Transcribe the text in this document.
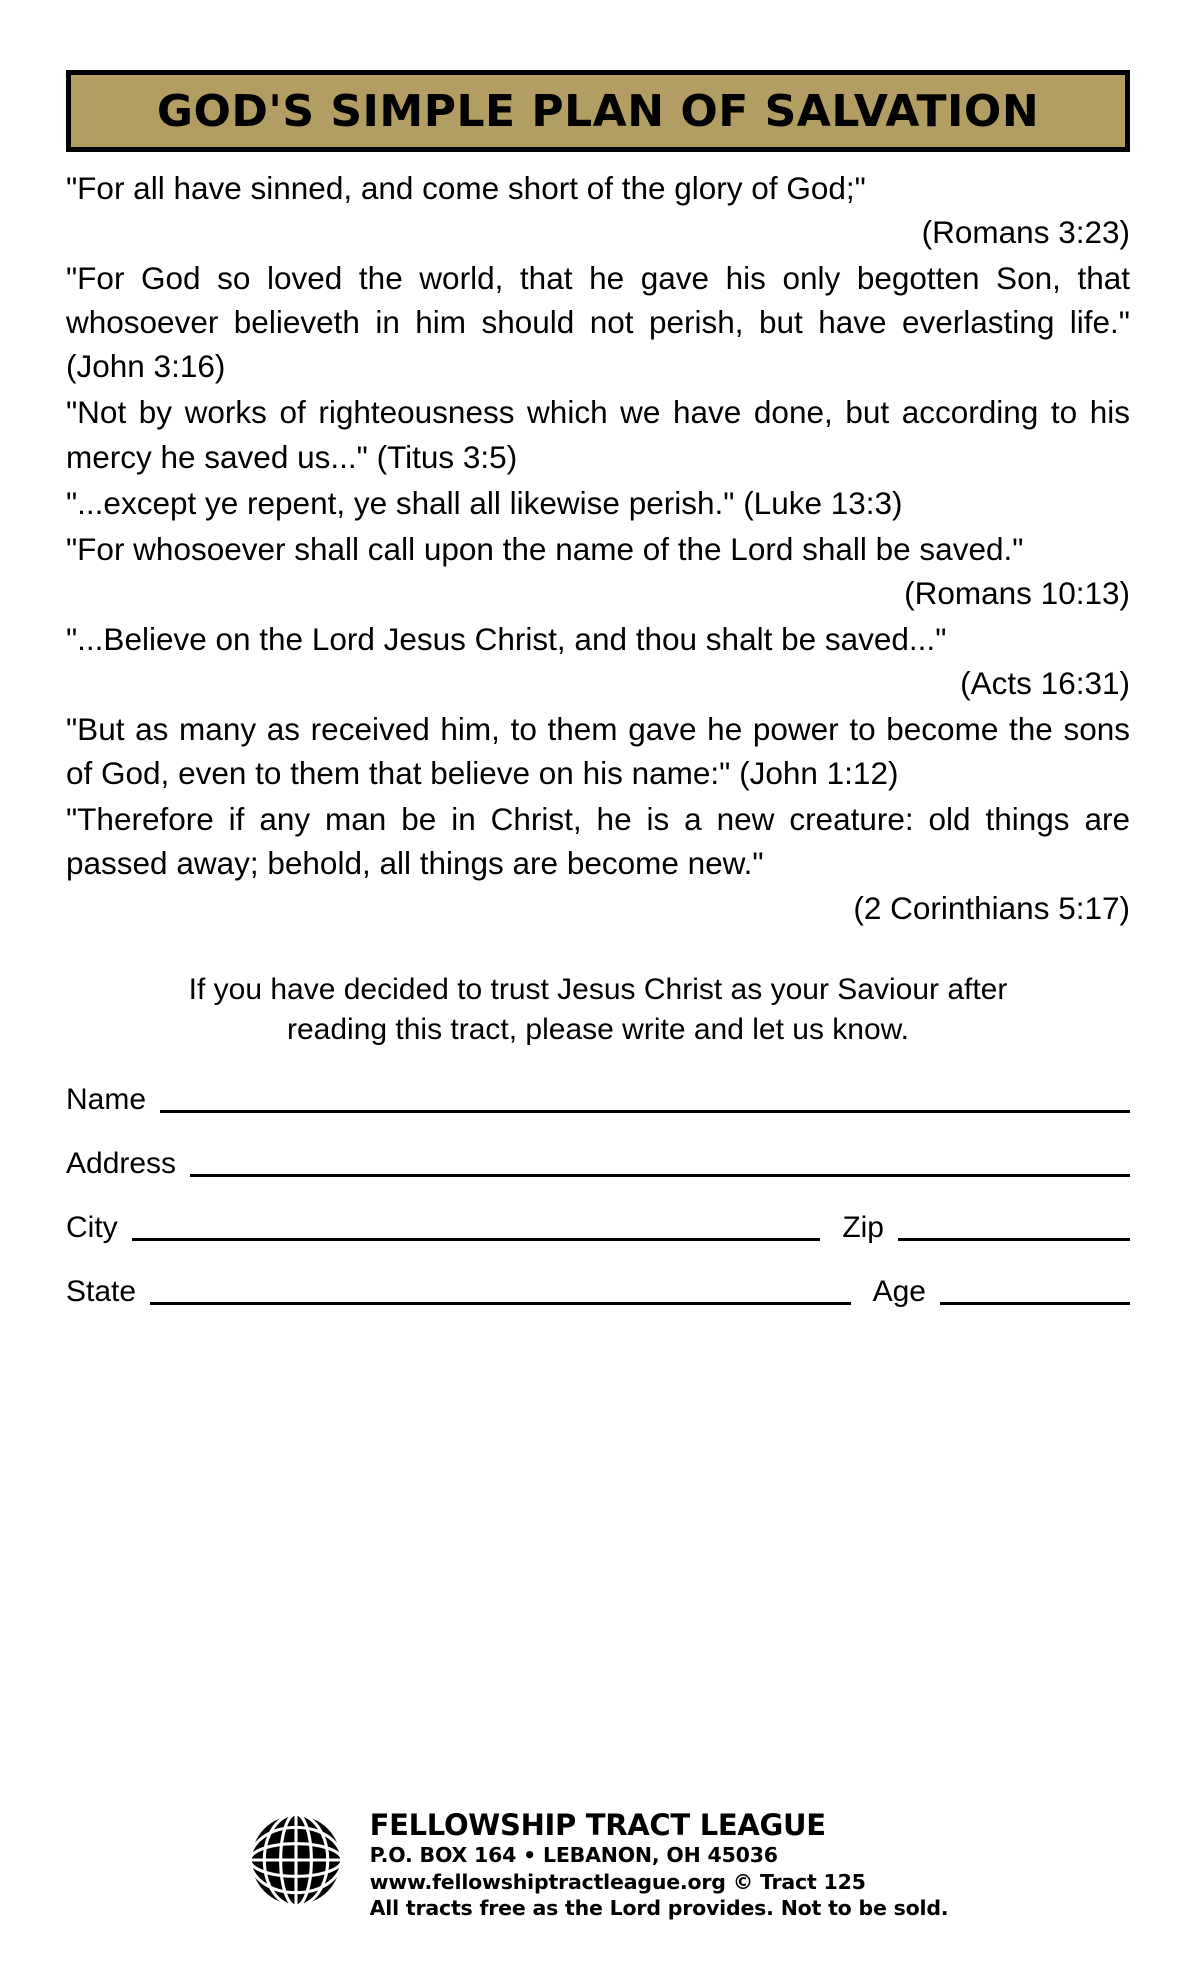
GOD'S SIMPLE PLAN OF SALVATION
"For all have sinned, and come short of the glory of God;"
(Romans 3:23)
"For God so loved the world, that he gave his only begotten Son, that whosoever believeth in him should not perish, but have everlasting life." (John 3:16)
"Not by works of righteousness which we have done, but according to his mercy he saved us..." (Titus 3:5)
"...except ye repent, ye shall all likewise perish." (Luke 13:3)
"For whosoever shall call upon the name of the Lord shall be saved."
(Romans 10:13)
"...Believe on the Lord Jesus Christ, and thou shalt be saved..."
(Acts 16:31)
"But as many as received him, to them gave he power to become the sons of God, even to them that believe on his name:" (John 1:12)
"Therefore if any man be in Christ, he is a new creature: old things are passed away; behold, all things are become new."
(2 Corinthians 5:17)
If you have decided to trust Jesus Christ as your Saviour after
reading this tract, please write and let us know.
Name
Address
City	Zip
State	Age
FELLOWSHIP TRACT LEAGUE
P.O. BOX 164 • LEBANON, OH 45036
www.fellowshiptractleague.org © Tract 125
All tracts free as the Lord provides. Not to be sold.
